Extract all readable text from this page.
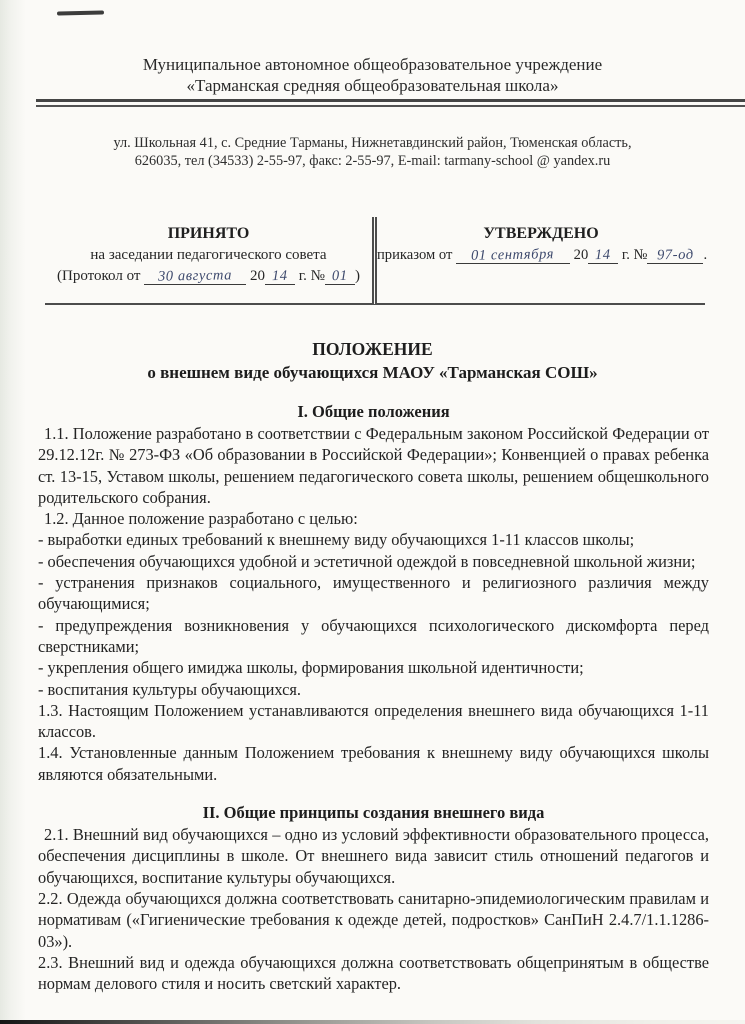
Муниципальное автономное общеобразовательное учреждение
«Тарманская средняя общеобразовательная школа»
ул. Школьная 41, с. Средние Тарманы, Нижнетавдинский район, Тюменская область,
626035, тел (34533) 2-55-97, факс: 2-55-97, E-mail: tarmany-school @ yandex.ru
ПРИНЯТО
на заседании педагогического совета
(Протокол от 30 августа 20 14 г. № 01 )
УТВЕРЖДЕНО
приказом от 01 сентября 20 14 г. № 97-од .
ПОЛОЖЕНИЕ
о внешнем виде обучающихся МАОУ «Тарманская СОШ»
I. Общие положения

1.1. Положение разработано в соответствии с Федеральным законом Российской Федерации от 29.12.12г. № 273-ФЗ «Об образовании в Российской Федерации»; Конвенцией о правах ребенка ст. 13-15, Уставом школы, решением педагогического совета школы, решением общешкольного родительского собрания.

1.2. Данное положение разработано с целью:

- выработки единых требований к внешнему виду обучающихся 1-11 классов школы;

- обеспечения обучающихся удобной и эстетичной одеждой в повседневной школьной жизни;

- устранения признаков социального, имущественного и религиозного различия между обучающимися;

- предупреждения возникновения у обучающихся психологического дискомфорта перед сверстниками;

- укрепления общего имиджа школы, формирования школьной идентичности;

- воспитания культуры обучающихся.

1.3. Настоящим Положением устанавливаются определения внешнего вида обучающихся 1-11 классов.

1.4. Установленные данным Положением требования к внешнему виду обучающихся школы являются обязательными.

II. Общие принципы создания внешнего вида

2.1. Внешний вид обучающихся – одно из условий эффективности образовательного процесса, обеспечения дисциплины в школе. От внешнего вида зависит стиль отношений педагогов и обучающихся, воспитание культуры обучающихся.

2.2. Одежда обучающихся должна соответствовать санитарно-эпидемиологическим правилам и нормативам («Гигиенические требования к одежде детей, подростков» СанПиН 2.4.7/1.1.1286-03»).

2.3. Внешний вид и одежда обучающихся должна соответствовать общепринятым в обществе нормам делового стиля и носить светский характер.
